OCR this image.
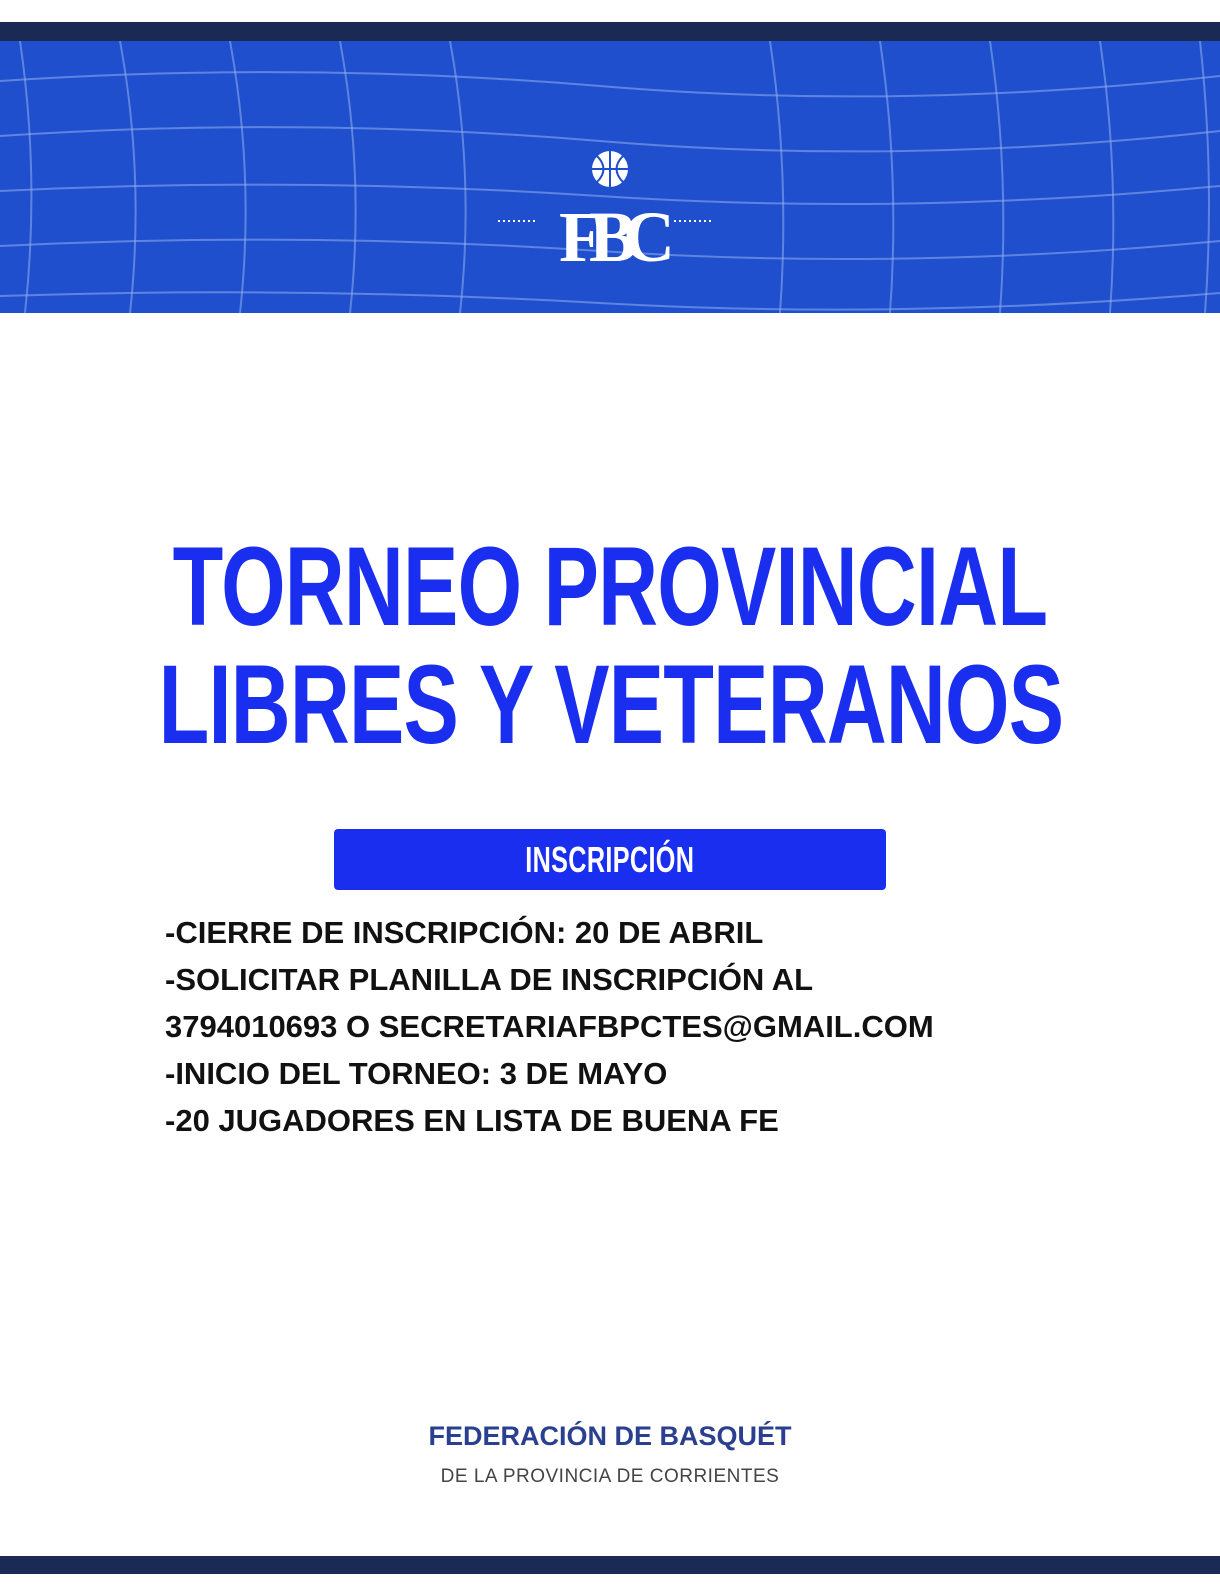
FBC
TORNEO PROVINCIAL
LIBRES Y VETERANOS
INSCRIPCIÓN
-CIERRE DE INSCRIPCIÓN: 20 DE ABRIL
-SOLICITAR PLANILLA DE INSCRIPCIÓN AL
3794010693 O SECRETARIAFBPCTES@GMAIL.COM
-INICIO DEL TORNEO: 3 DE MAYO
-20 JUGADORES EN LISTA DE BUENA FE
FEDERACIÓN DE BASQUÉT
DE LA PROVINCIA DE CORRIENTES
